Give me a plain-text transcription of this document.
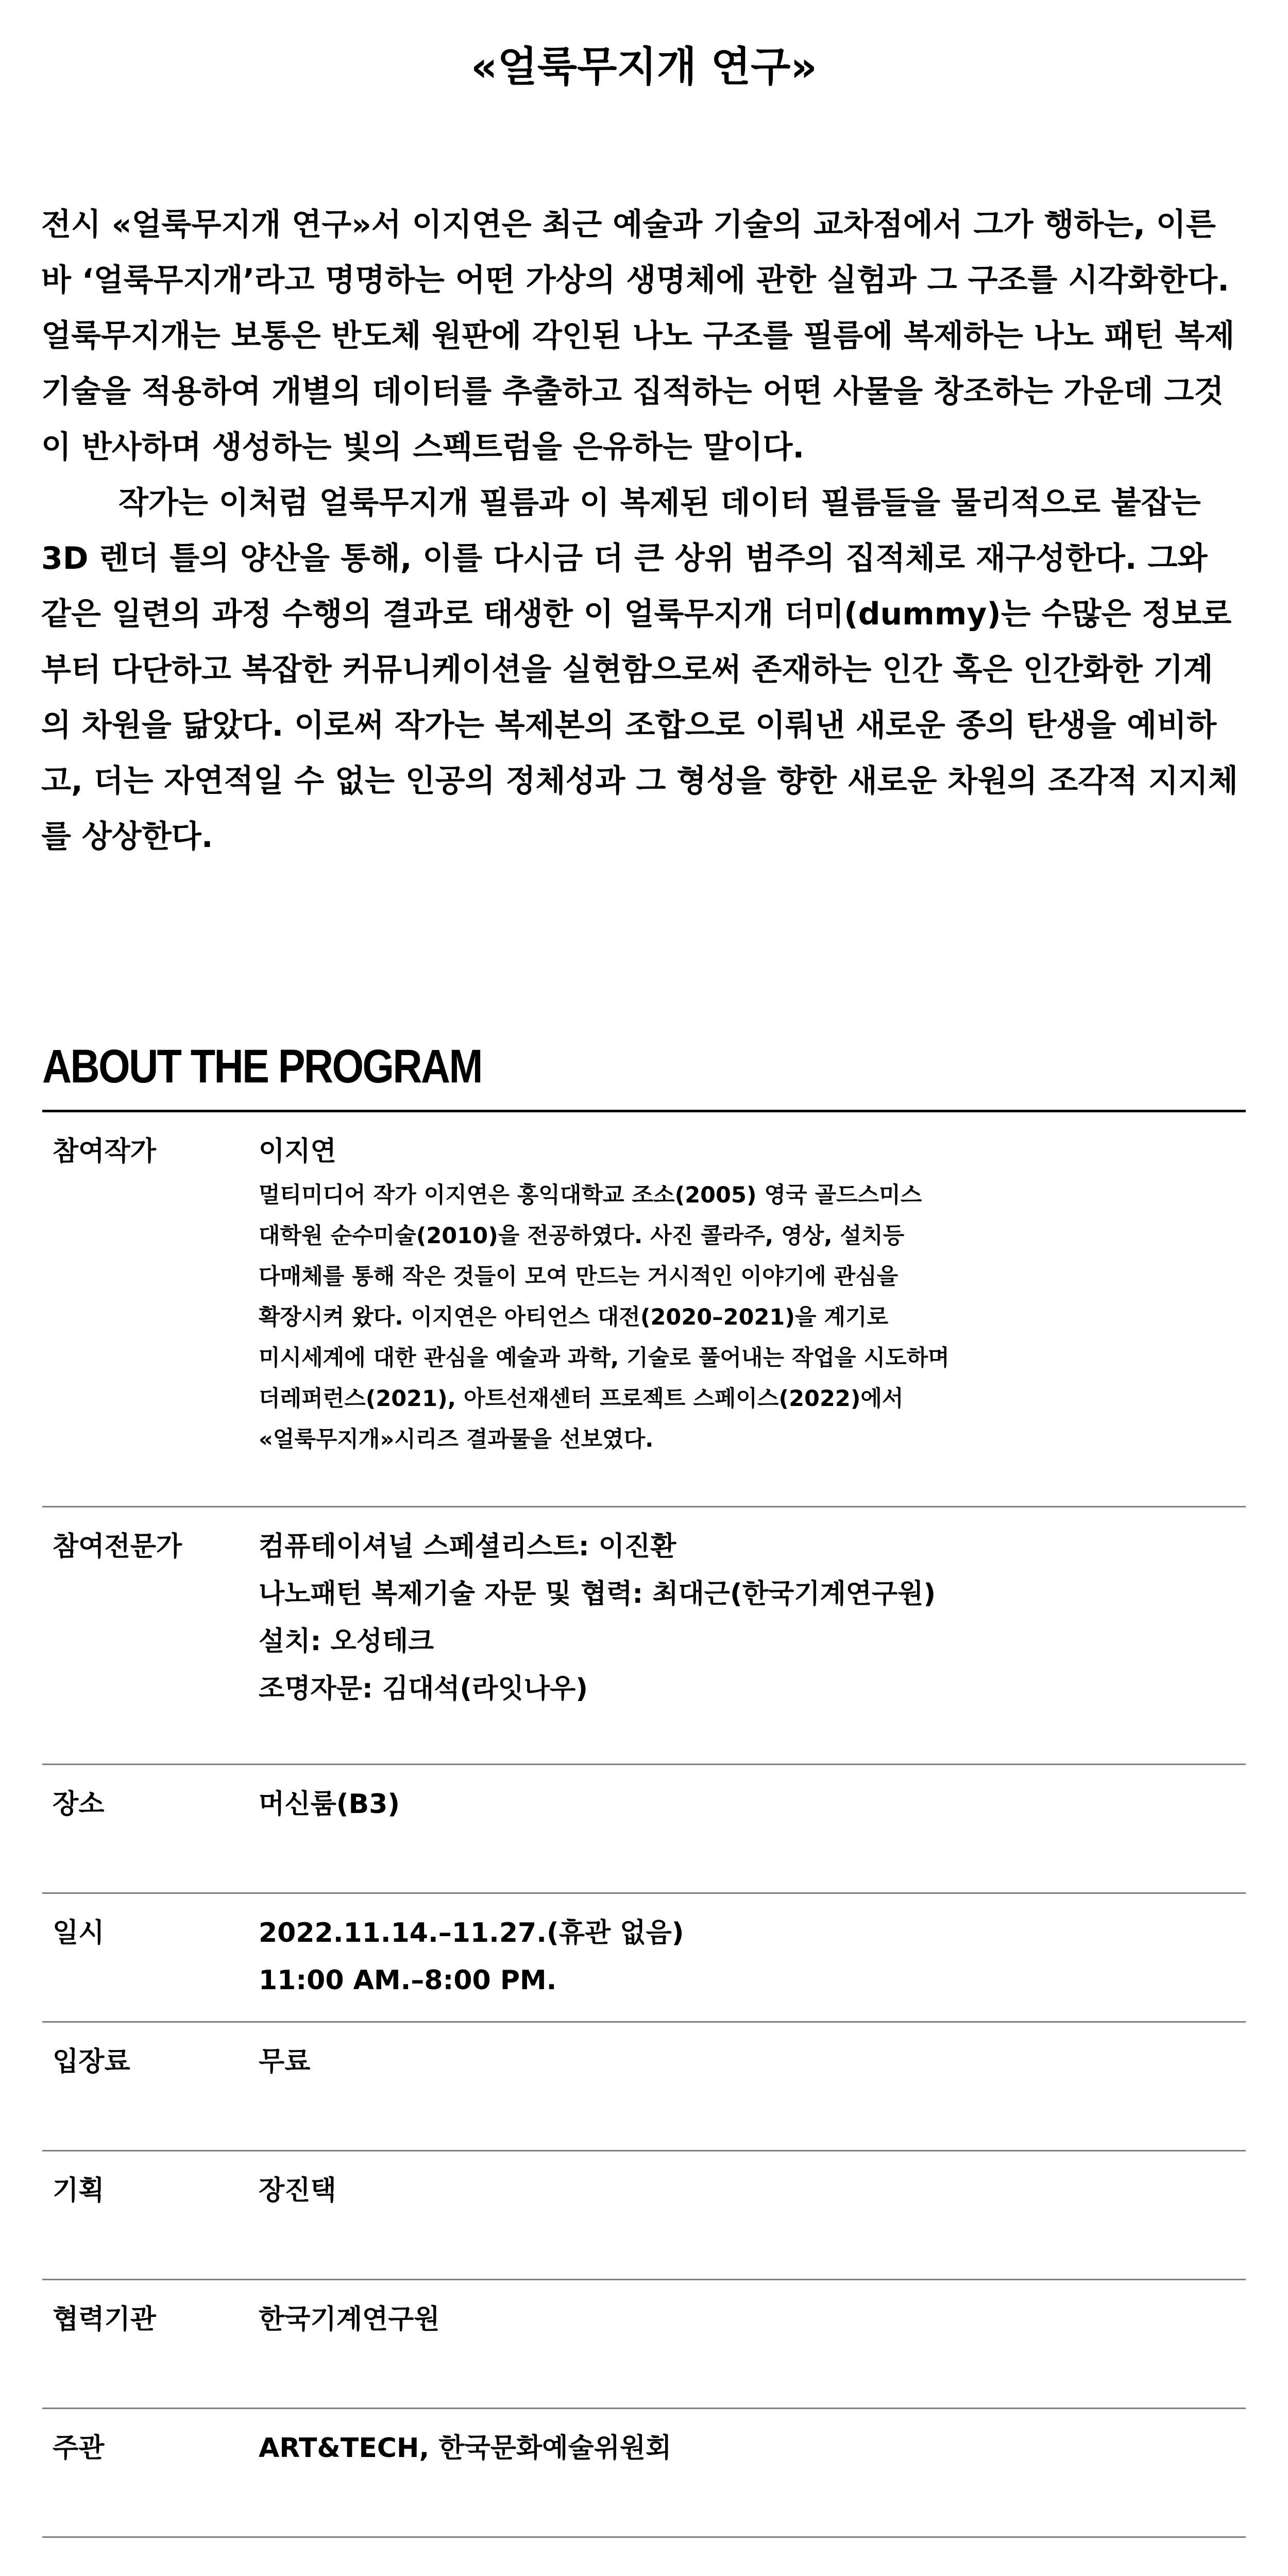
«얼룩무지개 연구»

전시 «얼룩무지개 연구»서 이지연은 최근 예술과 기술의 교차점에서 그가 행하는, 이른바 ‘얼룩무지개’라고 명명하는 어떤 가상의 생명체에 관한 실험과 그 구조를 시각화한다. 얼룩무지개는 보통은 반도체 원판에 각인된 나노 구조를 필름에 복제하는 나노 패턴 복제 기술을 적용하여 개별의 데이터를 추출하고 집적하는 어떤 사물을 창조하는 가운데 그것이 반사하며 생성하는 빛의 스펙트럼을 은유하는 말이다.

작가는 이처럼 얼룩무지개 필름과 이 복제된 데이터 필름들을 물리적으로 붙잡는 3D 렌더 틀의 양산을 통해, 이를 다시금 더 큰 상위 범주의 집적체로 재구성한다. 그와 같은 일련의 과정 수행의 결과로 태생한 이 얼룩무지개 더미(dummy)는 수많은 정보로부터 다단하고 복잡한 커뮤니케이션을 실현함으로써 존재하는 인간 혹은 인간화한 기계의 차원을 닮았다. 이로써 작가는 복제본의 조합으로 이뤄낸 새로운 종의 탄생을 예비하고, 더는 자연적일 수 없는 인공의 정체성과 그 형성을 향한 새로운 차원의 조각적 지지체를 상상한다.

ABOUT THE PROGRAM
참여작가	이지연
멀티미디어 작가 이지연은 홍익대학교 조소(2005) 영국 골드스미스
대학원 순수미술(2010)을 전공하였다. 사진 콜라주, 영상, 설치등
다매체를 통해 작은 것들이 모여 만드는 거시적인 이야기에 관심을
확장시켜 왔다. 이지연은 아티언스 대전(2020–2021)을 계기로
미시세계에 대한 관심을 예술과 과학, 기술로 풀어내는 작업을 시도하며
더레퍼런스(2021), 아트선재센터 프로젝트 스페이스(2022)에서
«얼룩무지개»시리즈 결과물을 선보였다.
참여전문가	컴퓨테이셔널 스페셜리스트: 이진환
나노패턴 복제기술 자문 및 협력: 최대근(한국기계연구원)
설치: 오성테크
조명자문: 김대석(라잇나우)
장소	머신룸(B3)
일시	2022.11.14.–11.27.(휴관 없음)
11:00 AM.–8:00 PM.
입장료	무료
기획	장진택
협력기관	한국기계연구원
주관	ART&TECH, 한국문화예술위원회
